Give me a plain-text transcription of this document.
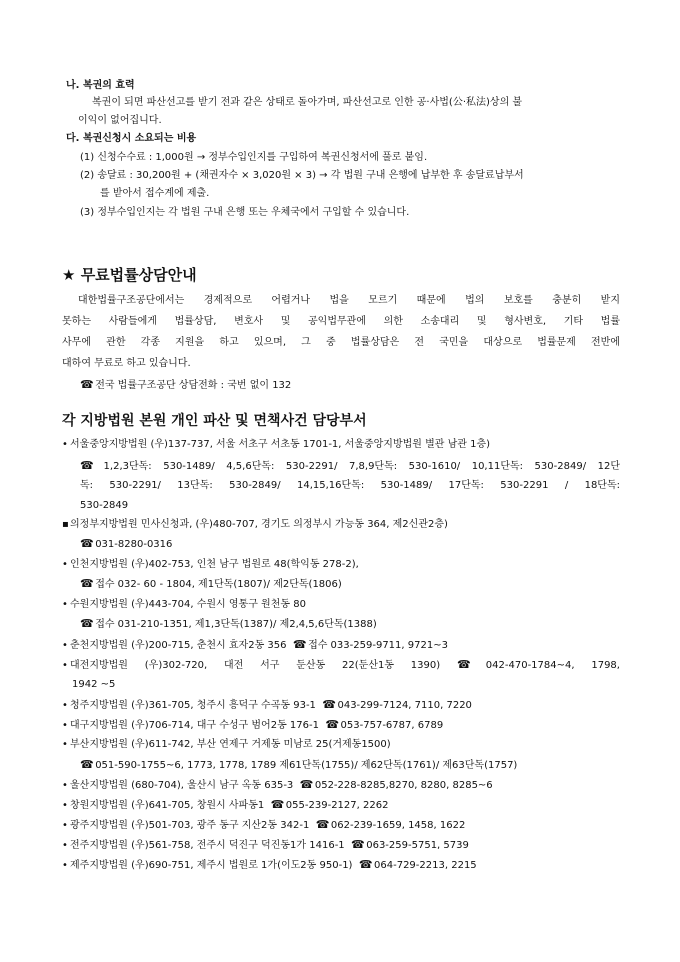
나. 복권의 효력
복권이 되면 파산선고를 받기 전과 같은 상태로 돌아가며, 파산선고로 인한 공·사법(公·私法)상의 불
이익이 없어집니다.
다. 복권신청시 소요되는 비용
(1) 신청수수료 : 1,000원 → 정부수입인지를 구입하여 복권신청서에 풀로 붙임.
(2) 송달료 : 30,200원 + (채권자수 × 3,020원 × 3) → 각 법원 구내 은행에 납부한 후 송달료납부서
를 받아서 접수계에 제출.
(3) 정부수입인지는 각 법원 구내 은행 또는 우체국에서 구입할 수 있습니다.
★ 무료법률상담안내
대한법률구조공단에서는 경제적으로 어렵거나 법을 모르기 때문에 법의 보호를 충분히 받지
못하는 사람들에게 법률상담, 변호사 및 공익법무관에 의한 소송대리 및 형사변호, 기타 법률
사무에 관한 각종 지원을 하고 있으며, 그 중 법률상담은 전 국민을 대상으로 법률문제 전반에
대하여 무료로 하고 있습니다.
☎ 전국 법률구조공단 상담전화 : 국번 없이 132
각 지방법원 본원 개인 파산 및 면책사건 담당부서
• 서울중앙지방법원 (우)137-737, 서울 서초구 서초동 1701-1, 서울중앙지방법원 별관 남관 1층)
☎ 1,2,3단독: 530-1489/ 4,5,6단독: 530-2291/ 7,8,9단독: 530-1610/ 10,11단독: 530-2849/ 12단
독: 530-2291/ 13단독: 530-2849/ 14,15,16단독: 530-1489/ 17단독: 530-2291 / 18단독:
530-2849
▪의정부지방법원 민사신청과, (우)480-707, 경기도 의정부시 가능동 364, 제2신관2층)
☎ 031-8280-0316
• 인천지방법원 (우)402-753, 인천 남구 법원로 48(학익동 278-2),
☎ 접수 032- 60 - 1804, 제1단독(1807)/ 제2단독(1806)
• 수원지방법원 (우)443-704, 수원시 영통구 원천동 80
☎ 접수 031-210-1351, 제1,3단독(1387)/ 제2,4,5,6단독(1388)
• 춘천지방법원 (우)200-715, 춘천시 효자2동 356 ☎ 접수 033-259-9711, 9721~3
• 대전지방법원 (우)302-720, 대전 서구 둔산동 22(둔산1동 1390) ☎ 042-470-1784~4, 1798,
1942 ~5
• 청주지방법원 (우)361-705, 청주시 흥덕구 수곡동 93-1 ☎ 043-299-7124, 7110, 7220
• 대구지방법원 (우)706-714, 대구 수성구 범어2동 176-1 ☎ 053-757-6787, 6789
• 부산지방법원 (우)611-742, 부산 연제구 거제동 미남로 25(거제동1500)
☎ 051-590-1755~6, 1773, 1778, 1789 제61단독(1755)/ 제62단독(1761)/ 제63단독(1757)
• 울산지방법원 (680-704), 울산시 남구 옥동 635-3 ☎ 052-228-8285,8270, 8280, 8285~6
• 창원지방법원 (우)641-705, 창원시 사파동1 ☎ 055-239-2127, 2262
• 광주지방법원 (우)501-703, 광주 동구 지산2동 342-1 ☎ 062-239-1659, 1458, 1622
• 전주지방법원 (우)561-758, 전주시 덕진구 덕진동1가 1416-1 ☎ 063-259-5751, 5739
• 제주지방법원 (우)690-751, 제주시 법원로 1가(이도2동 950-1) ☎ 064-729-2213, 2215
